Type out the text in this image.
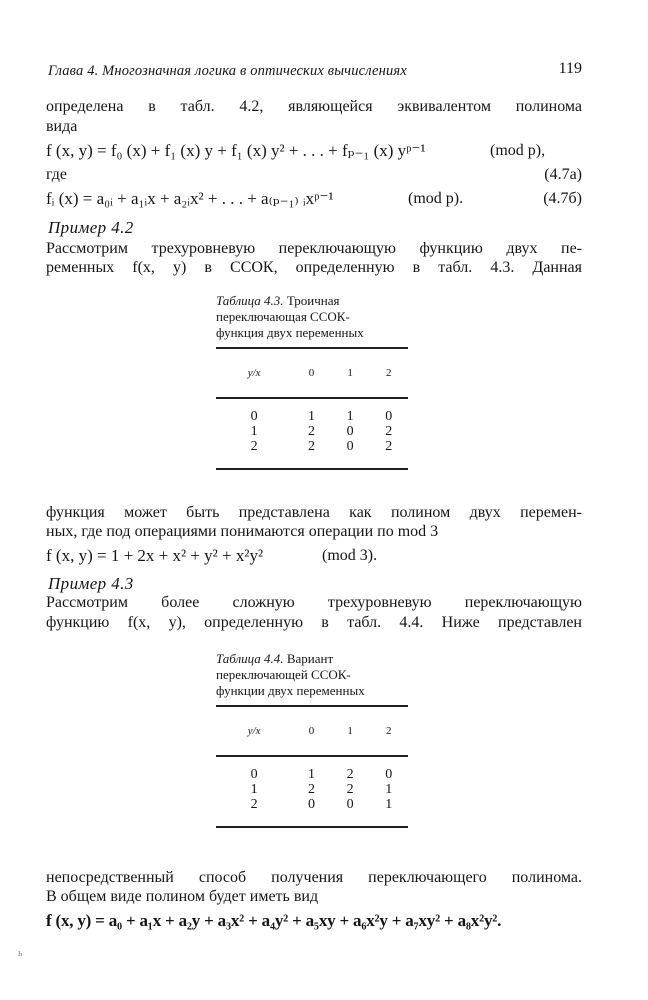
Глава 4. Многозначная логика в оптических вычислениях	119
определена в табл. 4.2, являющейся эквивалентом полинома
вида
f (x, y) = f₀ (x) + f₁ (x) y + f₁ (x) y² + . . . + fₚ₋₁ (x) yᵖ⁻¹	(mod p),
где	(4.7а)
fᵢ (x) = a₀ᵢ + a₁ᵢx + a₂ᵢx² + . . . + a₍ₚ₋₁₎ ᵢxᵖ⁻¹	(mod p).	(4.7б)
Пример 4.2
Рассмотрим трехуровневую переключающую функцию двух пе-
ременных f(x, y) в ССОК, определенную в табл. 4.3. Данная
Таблица 4.3. Троичная переключающая ССОК-функция двух переменных
y/x	0	1	2
0	1	1	0
1	2	0	2
2	2	0	2
функция может быть представлена как полином двух перемен-
ных, где под операциями понимаются операции по mod 3
f (x, y) = 1 + 2x + x² + y² + x²y²	(mod 3).
Пример 4.3
Рассмотрим более сложную трехуровневую переключающую
функцию f(x, y), определенную в табл. 4.4. Ниже представлен
Таблица 4.4. Вариант переключающей ССОК-функции двух переменных
y/x	0	1	2
0	1	2	0
1	2	2	1
2	0	0	1
непосредственный способ получения переключающего полинома.
В общем виде полином будет иметь вид
f (x, y) = a₀ + a₁x + a₂y + a₃x² + a₄y² + a₅xy + a₆x²y + a₇xy² + a₈x²y².
ь
